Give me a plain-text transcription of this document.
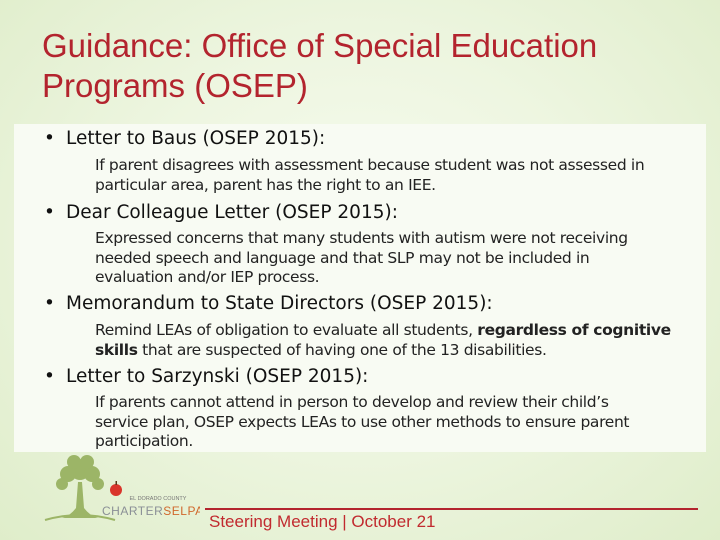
Guidance: Office of Special Education
Programs (OSEP)
• Letter to Baus (OSEP 2015):
If parent disagrees with assessment because student was not assessed in
particular area, parent has the right to an IEE.
• Dear Colleague Letter (OSEP 2015):
Expressed concerns that many students with autism were not receiving
needed speech and language and that SLP may not be included in
evaluation and/or IEP process.
• Memorandum to State Directors (OSEP 2015):
Remind LEAs of obligation to evaluate all students, regardless of cognitive
skills that are suspected of having one of the 13 disabilities.
• Letter to Sarzynski (OSEP 2015):
If parents cannot attend in person to develop and review their child’s
service plan, OSEP expects LEAs to use other methods to ensure parent
participation.
EL DORADO COUNTY
CHARTERSELPA
Steering Meeting | October 21
